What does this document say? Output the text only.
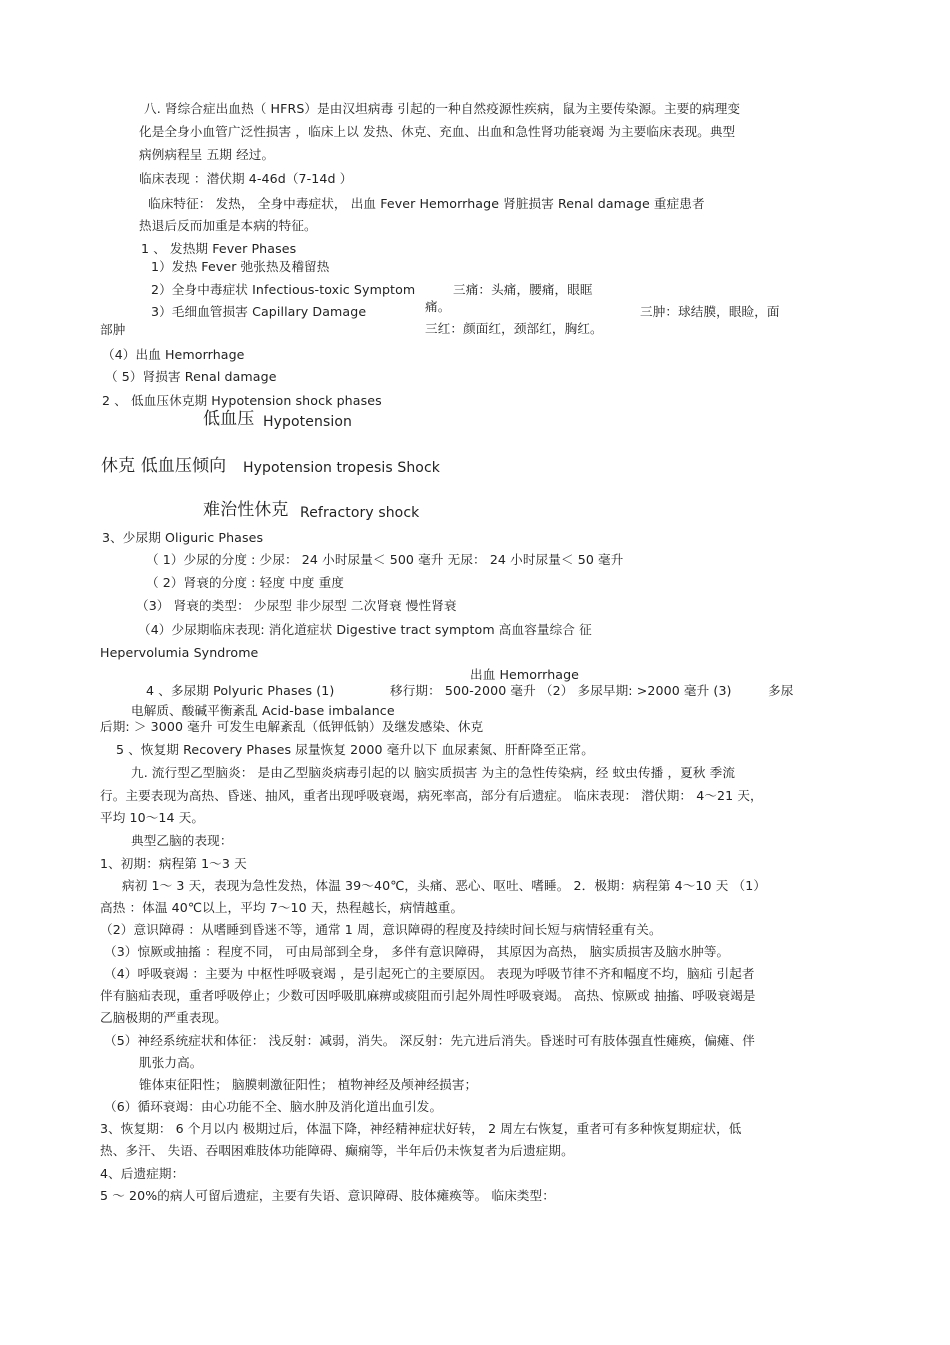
八. 肾综合症出血热（ HFRS）是由汉坦病毒 引起的一种自然疫源性疾病，鼠为主要传染源。主要的病理变
化是全身小血管广泛性损害 ，临床上以 发热、休克、充血、出血和急性肾功能衰竭 为主要临床表现。典型
病例病程呈 五期 经过。
临床表现 ：潜伏期 4-46d（7-14d ）
临床特征： 发热， 全身中毒症状， 出血 Fever Hemorrhage 肾脏损害 Renal damage 重症患者
热退后反而加重是本病的特征。
1 、 发热期 Fever Phases
1）发热 Fever 弛张热及稽留热
2）全身中毒症状 Infectious-toxic Symptom	三痛：头痛，腰痛，眼眶
3）毛细血管损害 Capillary Damage	痛。	三肿：球结膜，眼睑，面
部肿	三红：颜面红，颈部红，胸红。
（4）出血 Hemorrhage
（ 5）肾损害 Renal damage
2 、 低血压休克期 Hypotension shock phases
低血压 Hypotension
休克 低血压倾向 Hypotension tropesis Shock
难治性休克 Refractory shock
3、少尿期 Oliguric Phases
（ 1）少尿的分度 : 少尿： 24 小时尿量＜ 500 毫升 无尿： 24 小时尿量＜ 50 毫升
（ 2）肾衰的分度 : 轻度 中度 重度
（3） 肾衰的类型： 少尿型 非少尿型 二次肾衰 慢性肾衰
（4）少尿期临床表现: 消化道症状 Digestive tract symptom 高血容量综合 征
Hepervolumia Syndrome
出血 Hemorrhage
4 、多尿期 Polyuric Phases (1)	移行期： 500-2000 毫升 （2） 多尿早期: >2000 毫升 (3)	多尿
电解质、酸碱平衡紊乱 Acid-base imbalance
后期: ＞ 3000 毫升 可发生电解紊乱（低钾低钠）及继发感染、休克
5 、恢复期 Recovery Phases 尿量恢复 2000 毫升以下 血尿素氮、肝酐降至正常。
九. 流行型乙型脑炎： 是由乙型脑炎病毒引起的以 脑实质损害 为主的急性传染病，经 蚊虫传播 ，夏秋 季流
行。主要表现为高热、昏迷、抽风，重者出现呼吸衰竭，病死率高，部分有后遗症。 临床表现： 潜伏期： 4～21 天，
平均 10～14 天。
典型乙脑的表现：
1、初期：病程第 1～3 天
病初 1～ 3 天，表现为急性发热，体温 39～40℃，头痛、恶心、呕吐、嗜睡。 2．极期：病程第 4～10 天 （1）
高热 ：体温 40℃以上，平均 7～10 天，热程越长，病情越重。
（2）意识障碍 ：从嗜睡到昏迷不等，通常 1 周，意识障碍的程度及持续时间长短与病情轻重有关。
（3）惊厥或抽搐 ：程度不同， 可由局部到全身， 多伴有意识障碍， 其原因为高热， 脑实质损害及脑水肿等。
（4）呼吸衰竭 ：主要为 中枢性呼吸衰竭 ，是引起死亡的主要原因。 表现为呼吸节律不齐和幅度不均，脑疝 引起者
伴有脑疝表现，重者呼吸停止；少数可因呼吸肌麻痹或痰阻而引起外周性呼吸衰竭。 高热、惊厥或 抽搐、呼吸衰竭是
乙脑极期的严重表现。
（5）神经系统症状和体征： 浅反射：减弱，消失。 深反射：先亢进后消失。昏迷时可有肢体强直性瘫痪，偏瘫、伴
肌张力高。
锥体束征阳性； 脑膜刺激征阳性； 植物神经及颅神经损害；
（6）循环衰竭：由心功能不全、脑水肿及消化道出血引发。
3、恢复期： 6 个月以内 极期过后，体温下降，神经精神症状好转， 2 周左右恢复，重者可有多种恢复期症状，低
热、多汗、 失语、吞咽困难肢体功能障碍、癫痫等，半年后仍未恢复者为后遗症期。
4、后遗症期：
5 ～ 20%的病人可留后遗症，主要有失语、意识障碍、肢体瘫痪等。 临床类型：
